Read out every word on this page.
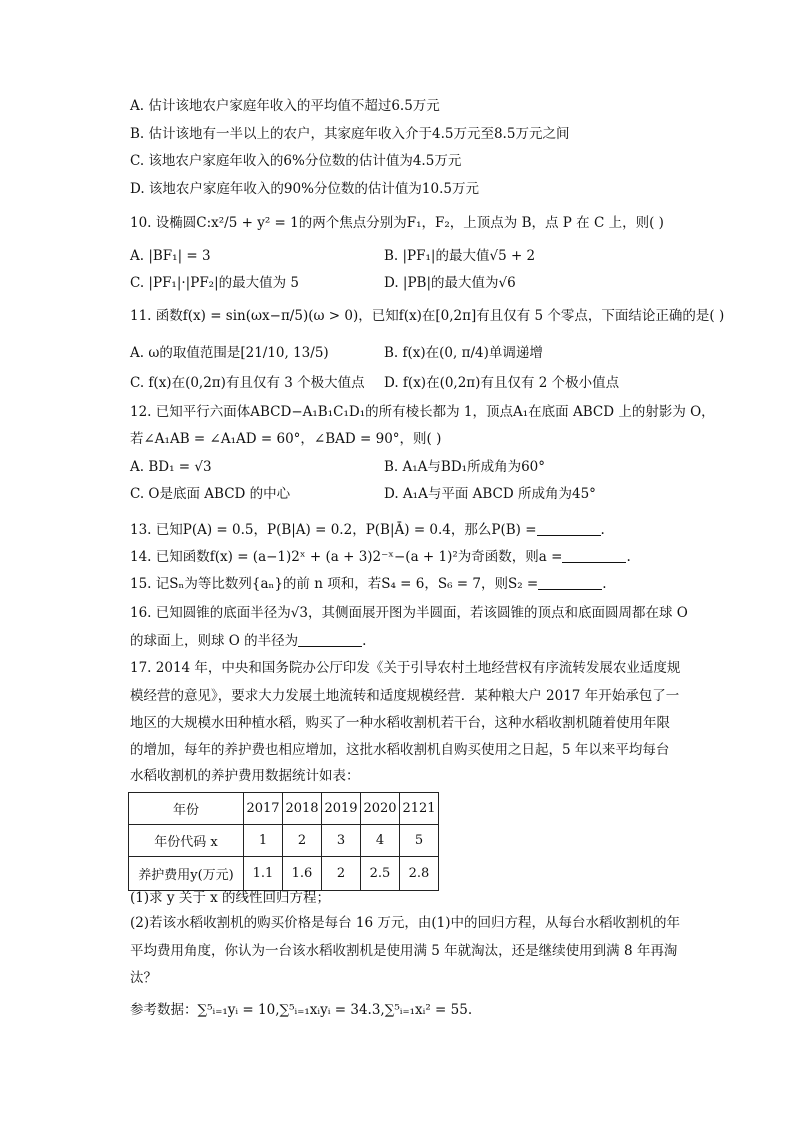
A. 估计该地农户家庭年收入的平均值不超过6.5万元
B. 估计该地有一半以上的农户，其家庭年收入介于4.5万元至8.5万元之间
C. 该地农户家庭年收入的6%分位数的估计值为4.5万元
D. 该地农户家庭年收入的90%分位数的估计值为10.5万元
10. 设椭圆C:x²/5 + y² = 1的两个焦点分别为F₁，F₂，上顶点为 B，点 P 在 C 上，则( )
A. |BF₁| = 3	B. |PF₁|的最大值√5 + 2
C. |PF₁|·|PF₂|的最大值为 5	D. |PB|的最大值为√6
11. 函数f(x) = sin(ωx−π/5)(ω > 0)，已知f(x)在[0,2π]有且仅有 5 个零点，下面结论正确的是( )
A. ω的取值范围是[21/10, 13/5)	B. f(x)在(0, π/4)单调递增
C. f(x)在(0,2π)有且仅有 3 个极大值点 D. f(x)在(0,2π)有且仅有 2 个极小值点
12. 已知平行六面体ABCD−A₁B₁C₁D₁的所有棱长都为 1，顶点A₁在底面 ABCD 上的射影为 O，
若∠A₁AB = ∠A₁AD = 60°，∠BAD = 90°，则( )
A. BD₁ = √3	B. A₁A与BD₁所成角为60°
C. O是底面 ABCD 的中心	D. A₁A与平面 ABCD 所成角为45°
13. 已知P(A) = 0.5，P(B|A) = 0.2，P(B|Ā) = 0.4，那么P(B) =	.
14. 已知函数f(x) = (a−1)2ˣ + (a + 3)2⁻ˣ−(a + 1)²为奇函数，则a =	.
15. 记Sₙ为等比数列{aₙ}的前 n 项和，若S₄ = 6，S₆ = 7，则S₂ =	.
16. 已知圆锥的底面半径为√3，其侧面展开图为半圆面，若该圆锥的顶点和底面圆周都在球 O
的球面上，则球 O 的半径为	.
17. 2014 年，中央和国务院办公厅印发《关于引导农村土地经营权有序流转发展农业适度规
模经营的意见》，要求大力发展土地流转和适度规模经营．某种粮大户 2017 年开始承包了一
地区的大规模水田种植水稻，购买了一种水稻收割机若干台，这种水稻收割机随着使用年限
的增加，每年的养护费也相应增加，这批水稻收割机自购买使用之日起，5 年以来平均每台
水稻收割机的养护费用数据统计如表：
年份	2017	2018	2019	2020	2121
年份代码 x	1	2	3	4	5
养护费用y(万元)	1.1	1.6	2	2.5	2.8
(1)求 y 关于 x 的线性回归方程；
(2)若该水稻收割机的购买价格是每台 16 万元，由(1)中的回归方程，从每台水稻收割机的年
平均费用角度，你认为一台该水稻收割机是使用满 5 年就淘汰，还是继续使用到满 8 年再淘
汰？
参考数据：∑⁵ᵢ₌₁yᵢ = 10,∑⁵ᵢ₌₁xᵢyᵢ = 34.3,∑⁵ᵢ₌₁xᵢ² = 55.
